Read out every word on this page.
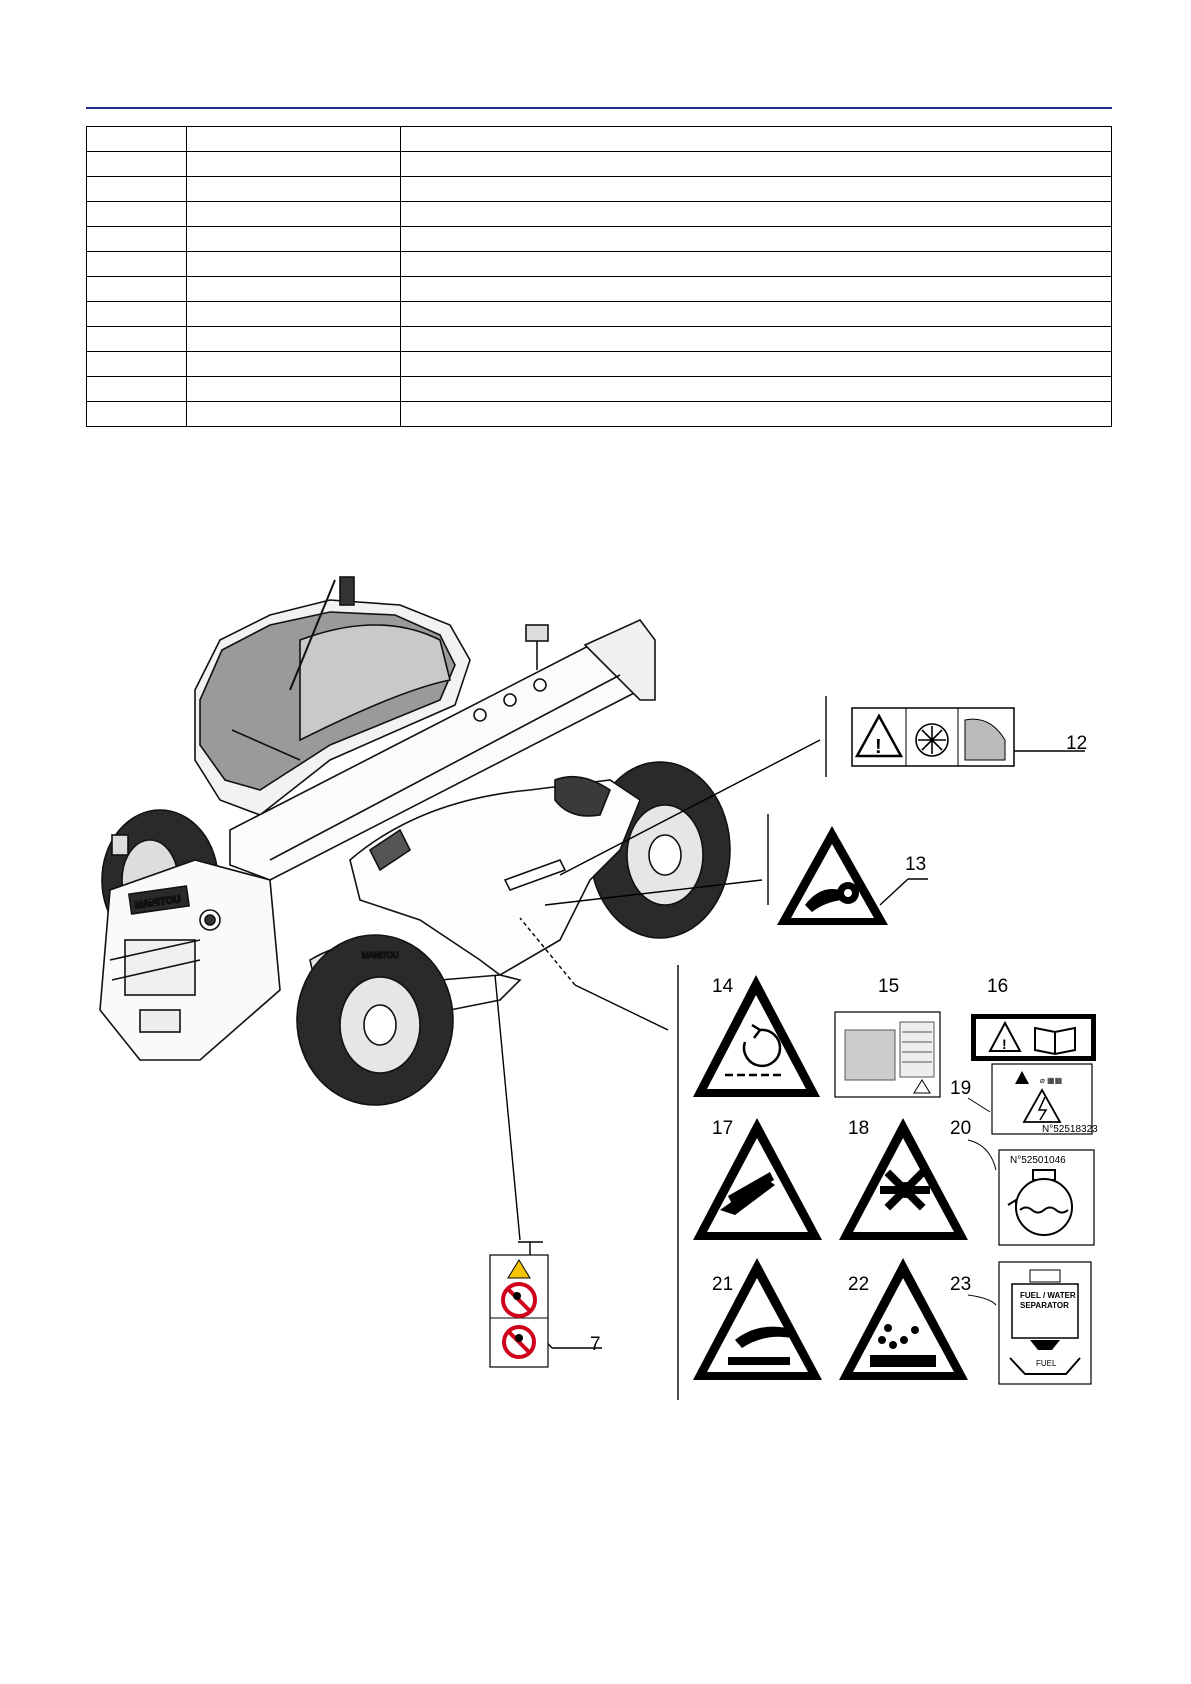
MANITOU
MANITOU
!	12
13
14	15
!
16
⌀ ▦▦
N°52518323
19
17	18
N°52501046
20
21	22
FUEL / WATER
SEPARATOR
FUEL
23
7
